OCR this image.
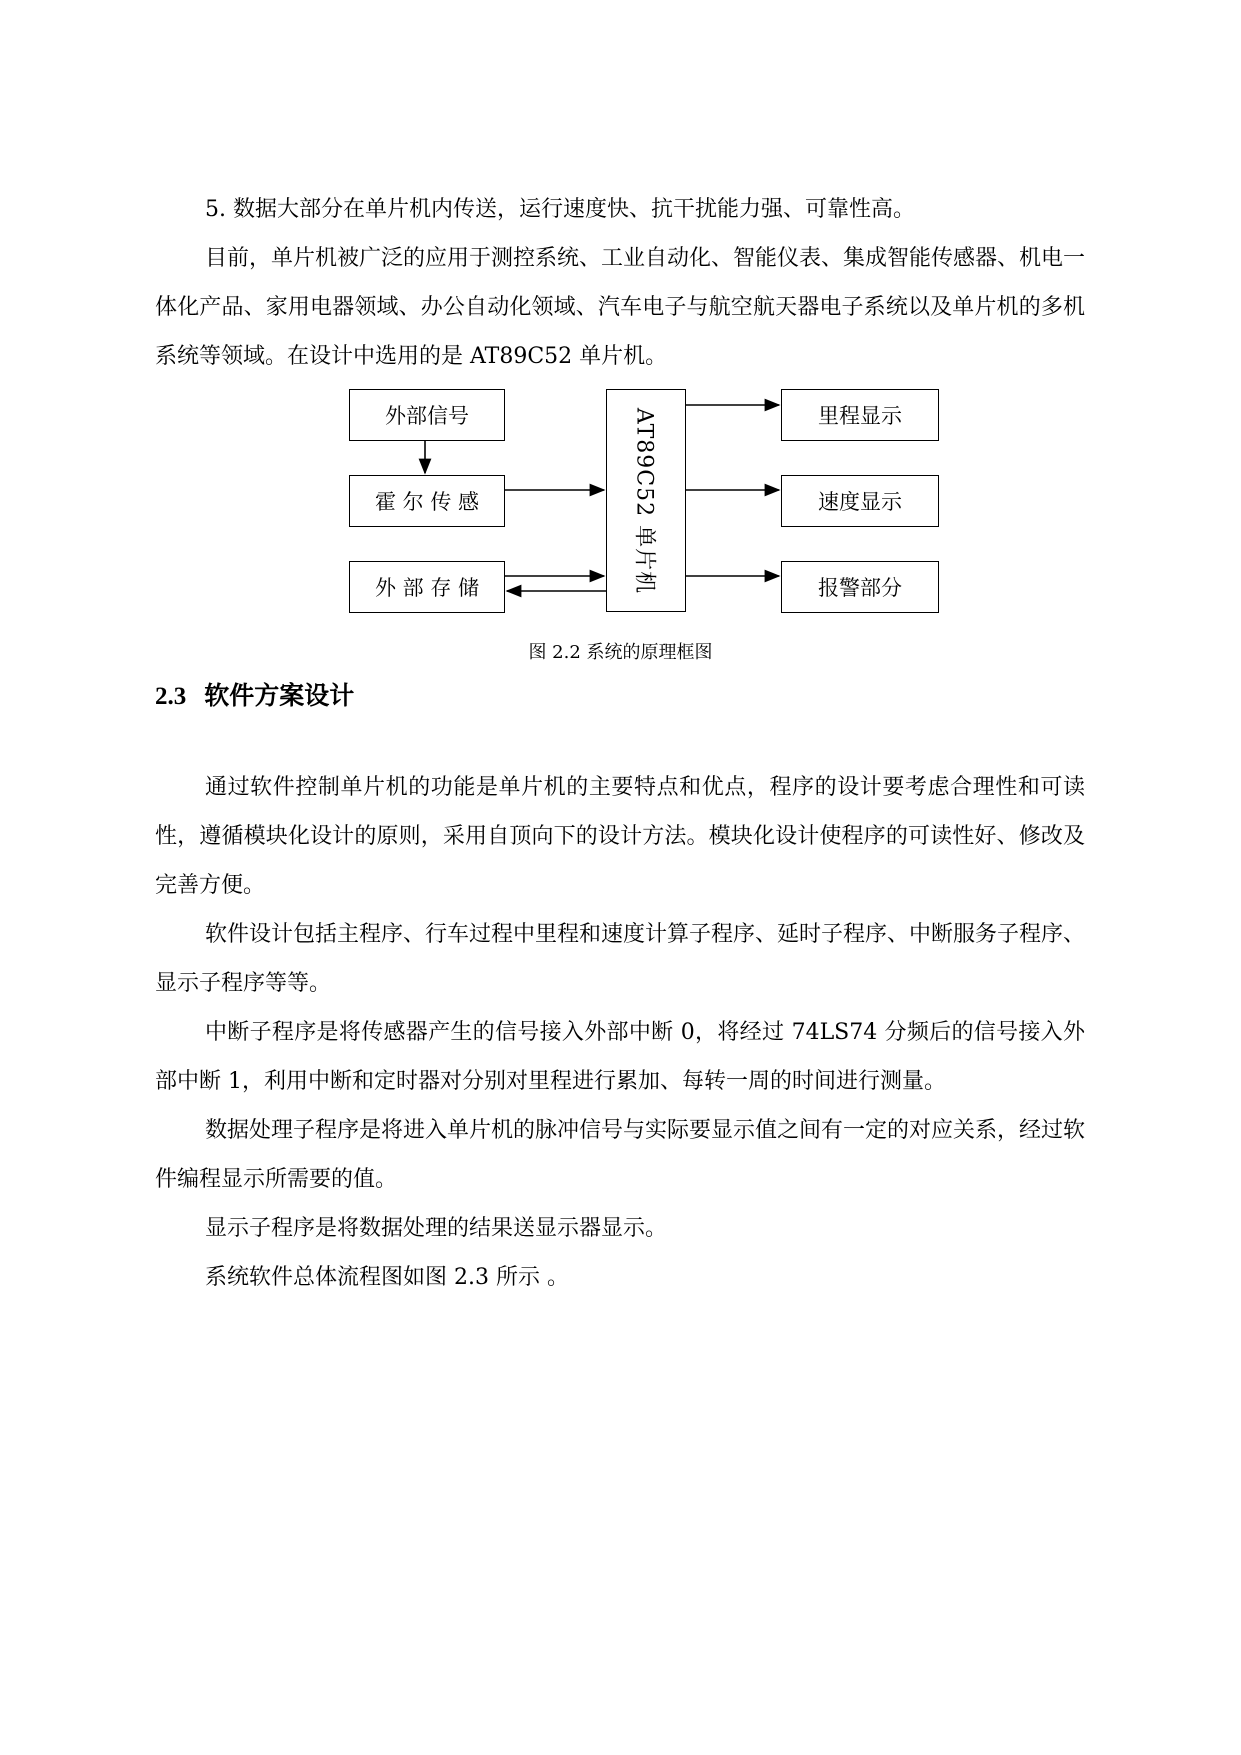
5. 数据大部分在单片机内传送，运行速度快、抗干扰能力强、可靠性高。

目前，单片机被广泛的应用于测控系统、工业自动化、智能仪表、集成智能传感器、机电一体化产品、家用电器领域、办公自动化领域、汽车电子与航空航天器电子系统以及单片机的多机系统等领域。在设计中选用的是 AT89C52 单片机。

外部信号
霍 尔 传 感
外 部 存 储	AT89C52 单片机	里程显示
速度显示
报警部分

图 2.2 系统的原理框图

2.3 软件方案设计

通过软件控制单片机的功能是单片机的主要特点和优点，程序的设计要考虑合理性和可读性，遵循模块化设计的原则，采用自顶向下的设计方法。模块化设计使程序的可读性好、修改及完善方便。

软件设计包括主程序、行车过程中里程和速度计算子程序、延时子程序、中断服务子程序、显示子程序等等。

中断子程序是将传感器产生的信号接入外部中断 0，将经过 74LS74 分频后的信号接入外部中断 1，利用中断和定时器对分别对里程进行累加、每转一周的时间进行测量。

数据处理子程序是将进入单片机的脉冲信号与实际要显示值之间有一定的对应关系，经过软件编程显示所需要的值。

显示子程序是将数据处理的结果送显示器显示。

系统软件总体流程图如图 2.3 所示 。
